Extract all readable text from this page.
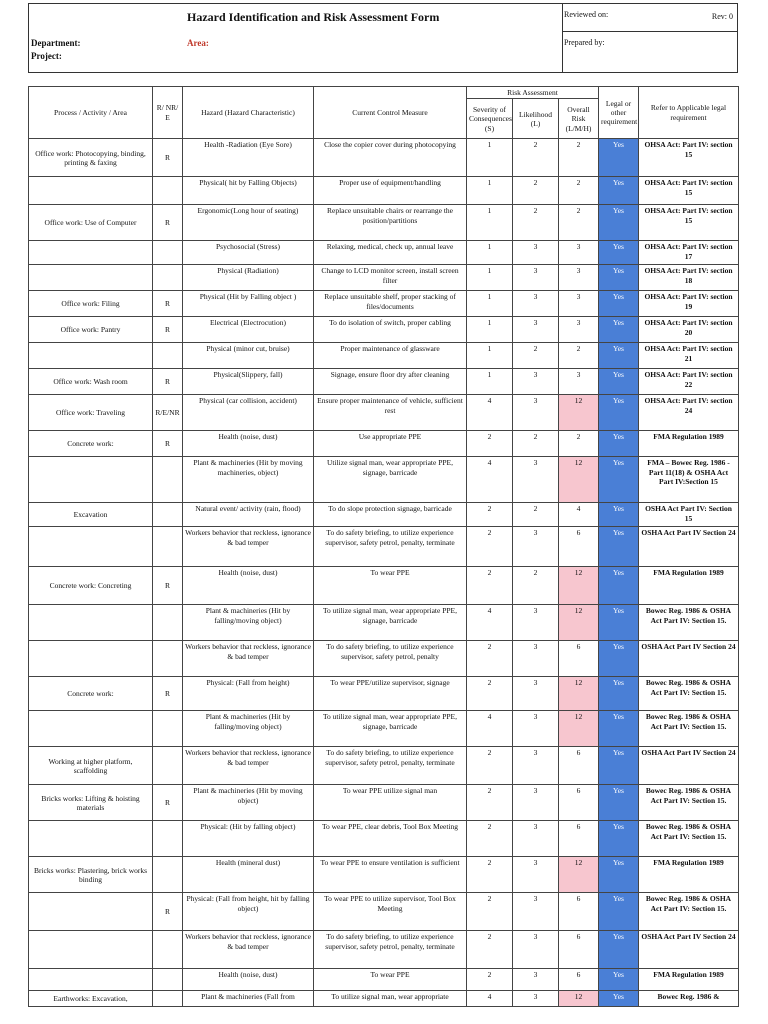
Hazard Identification and Risk Assessment Form	Reviewed on:	Rev: 0
Department:
Project:
Area:	Prepared by:
Process / Activity / Area	R/ NR/ E	Hazard (Hazard Characteristic)	Current Control Measure	Risk Assessment			Legal or other requirement	Refer to Applicable legal requirement
				Severity of Consequences (S)	Likelihood (L)	Overall Risk (L/M/H)		
Office work: Photocopying, binding, printing & faxing	R	Health -Radiation (Eye Sore)	Close the copier cover during photocopying	1	2	2	Yes	OHSA Act: Part IV: section 15
		Physical( hit by Falling Objects)	Proper use of equipment/handling	1	2	2	Yes	OHSA Act: Part IV: section 15
Office work: Use of Computer	R	Ergonomic(Long hour of seating)	Replace unsuitable chairs or rearrange the position/partitions	1	2	2	Yes	OHSA Act: Part IV: section 15
		Psychosocial (Stress)	Relaxing, medical, check up, annual leave	1	3	3	Yes	OHSA Act: Part IV: section 17
		Physical (Radiation)	Change to LCD monitor screen, install screen filter	1	3	3	Yes	OHSA Act: Part IV: section 18
Office work: Filing	R	Physical (Hit by Falling object )	Replace unsuitable shelf, proper stacking of files/documents	1	3	3	Yes	OHSA Act: Part IV: section 19
Office work: Pantry	R	Electrical (Electrocution)	To do isolation of switch, proper cabling	1	3	3	Yes	OHSA Act: Part IV: section 20
		Physical (minor cut, bruise)	Proper maintenance of glassware	1	2	2	Yes	OHSA Act: Part IV: section 21
Office work: Wash room	R	Physical(Slippery, fall)	Signage, ensure floor dry after cleaning	1	3	3	Yes	OHSA Act: Part IV: section 22
Office work: Traveling	R/E/NR	Physical (car collision, accident)	Ensure proper maintenance of vehicle, sufficient rest	4	3	12	Yes	OHSA Act: Part IV: section 24
Concrete work:	R	Health (noise, dust)	Use appropriate PPE	2	2	2	Yes	FMA Regulation 1989
		Plant & machineries (Hit by moving machineries, object)	Utilize signal man, wear appropriate PPE, signage, barricade	4	3	12	Yes	FMA – Bowec Reg. 1986 - Part 11(18) & OSHA Act Part IV:Section 15
Excavation		Natural event/ activity (rain, flood)	To do slope protection signage, barricade	2	2	4	Yes	OSHA Act Part IV: Section 15
		Workers behavior that reckless, ignorance & bad temper	To do safety briefing, to utilize experience supervisor, safety petrol, penalty, terminate	2	3	6	Yes	OSHA Act Part IV Section 24
Concrete work: Concreting	R	Health (noise, dust)	To wear PPE	2	2	12	Yes	FMA Regulation 1989
		Plant & machineries (Hit by falling/moving object)	To utilize signal man, wear appropriate PPE, signage, barricade	4	3	12	Yes	Bowec Reg. 1986 & OSHA Act Part IV: Section 15.
		Workers behavior that reckless, ignorance & bad temper	To do safety briefing, to utilize experience supervisor, safety petrol, penalty	2	3	6	Yes	OSHA Act Part IV Section 24
Concrete work:	R	Physical: (Fall from height)	To wear PPE/utilize supervisor, signage	2	3	12	Yes	Bowec Reg. 1986 & OSHA Act Part IV: Section 15.
		Plant & machineries (Hit by falling/moving object)	To utilize signal man, wear appropriate PPE, signage, barricade	4	3	12	Yes	Bowec Reg. 1986 & OSHA Act Part IV: Section 15.
Working at higher platform, scaffolding		Workers behavior that reckless, ignorance & bad temper	To do safety briefing, to utilize experience supervisor, safety petrol, penalty, terminate	2	3	6	Yes	OSHA Act Part IV Section 24
Bricks works: Lifting & hoisting materials	R	Plant & machineries (Hit by moving object)	To wear PPE utilize signal man	2	3	6	Yes	Bowec Reg. 1986 & OSHA Act Part IV: Section 15.
		Physical: (Hit by falling object)	To wear PPE, clear debris, Tool Box Meeting	2	3	6	Yes	Bowec Reg. 1986 & OSHA Act Part IV: Section 15.
Bricks works: Plastering, brick works binding		Health (mineral dust)	To wear PPE to ensure ventilation is sufficient	2	3	12	Yes	FMA Regulation 1989
	R	Physical: (Fall from height, hit by falling object)	To wear PPE to utilize supervisor, Tool Box Meeting	2	3	6	Yes	Bowec Reg. 1986 & OSHA Act Part IV: Section 15.
		Workers behavior that reckless, ignorance & bad temper	To do safety briefing, to utilize experience supervisor, safety petrol, penalty, terminate	2	3	6	Yes	OSHA Act Part IV Section 24
		Health (noise, dust)	To wear PPE	2	3	6	Yes	FMA Regulation 1989
Earthworks: Excavation,		Plant & machineries (Fall from	To utilize signal man, wear appropriate	4	3	12	Yes	Bowec Reg. 1986 &
